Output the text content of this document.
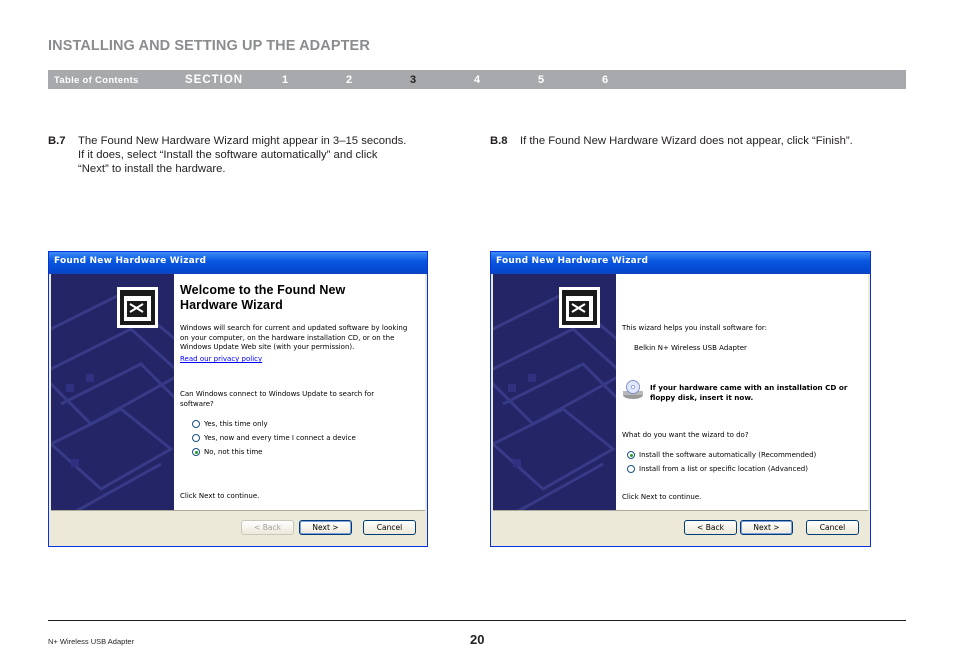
INSTALLING AND SETTING UP THE ADAPTER
Table of Contents	SECTION	1	2	3	4	5	6
B.7 The Found New Hardware Wizard might appear in 3–15 seconds. If it does, select “Install the software automatically” and click “Next” to install the hardware.
B.8 If the Found New Hardware Wizard does not appear, click “Finish”.
Found New Hardware Wizard
Welcome to the Found New Hardware Wizard
Windows will search for current and updated software by looking on your computer, on the hardware installation CD, or on the Windows Update Web site (with your permission).
Read our privacy policy
Can Windows connect to Windows Update to search for software?
Yes, this time only
Yes, now and every time I connect a device
No, not this time
Click Next to continue.
< Back	Next >	Cancel
Found New Hardware Wizard
This wizard helps you install software for:
Belkin N+ Wireless USB Adapter
If your hardware came with an installation CD or floppy disk, insert it now.
What do you want the wizard to do?
Install the software automatically (Recommended)
Install from a list or specific location (Advanced)
Click Next to continue.
< Back	Next >	Cancel
N+ Wireless USB Adapter	20
